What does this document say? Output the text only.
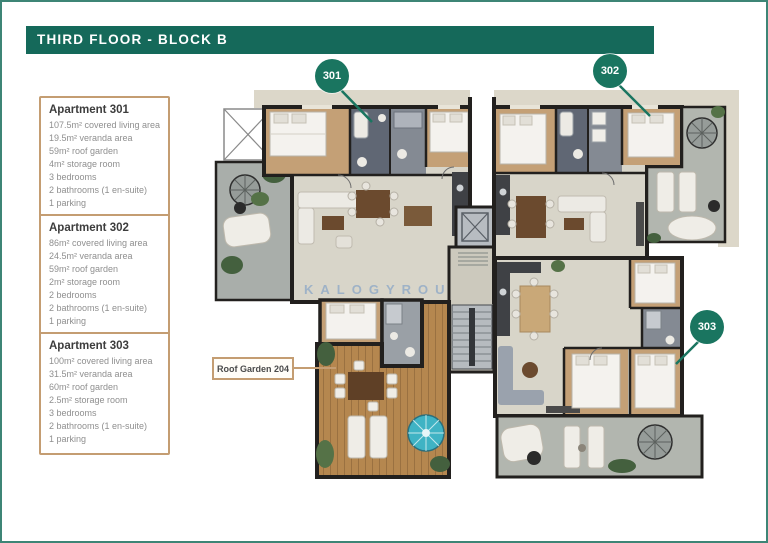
THIRD FLOOR - BLOCK B
Apartment 301
107.5m² covered living area
19.5m² veranda area
59m² roof garden
4m² storage room
3 bedrooms
2 bathrooms (1 en-suite)
1 parking
Apartment 302
86m² covered living area
24.5m² veranda area
59m² roof garden
2m² storage room
2 bedrooms
2 bathrooms (1 en-suite)
1 parking
Apartment 303
100m² covered living area
31.5m² veranda area
60m² roof garden
2.5m² storage room
3 bedrooms
2 bathrooms (1 en-suite)
1 parking
KALOGYROU
301	302
303
Roof Garden 204
